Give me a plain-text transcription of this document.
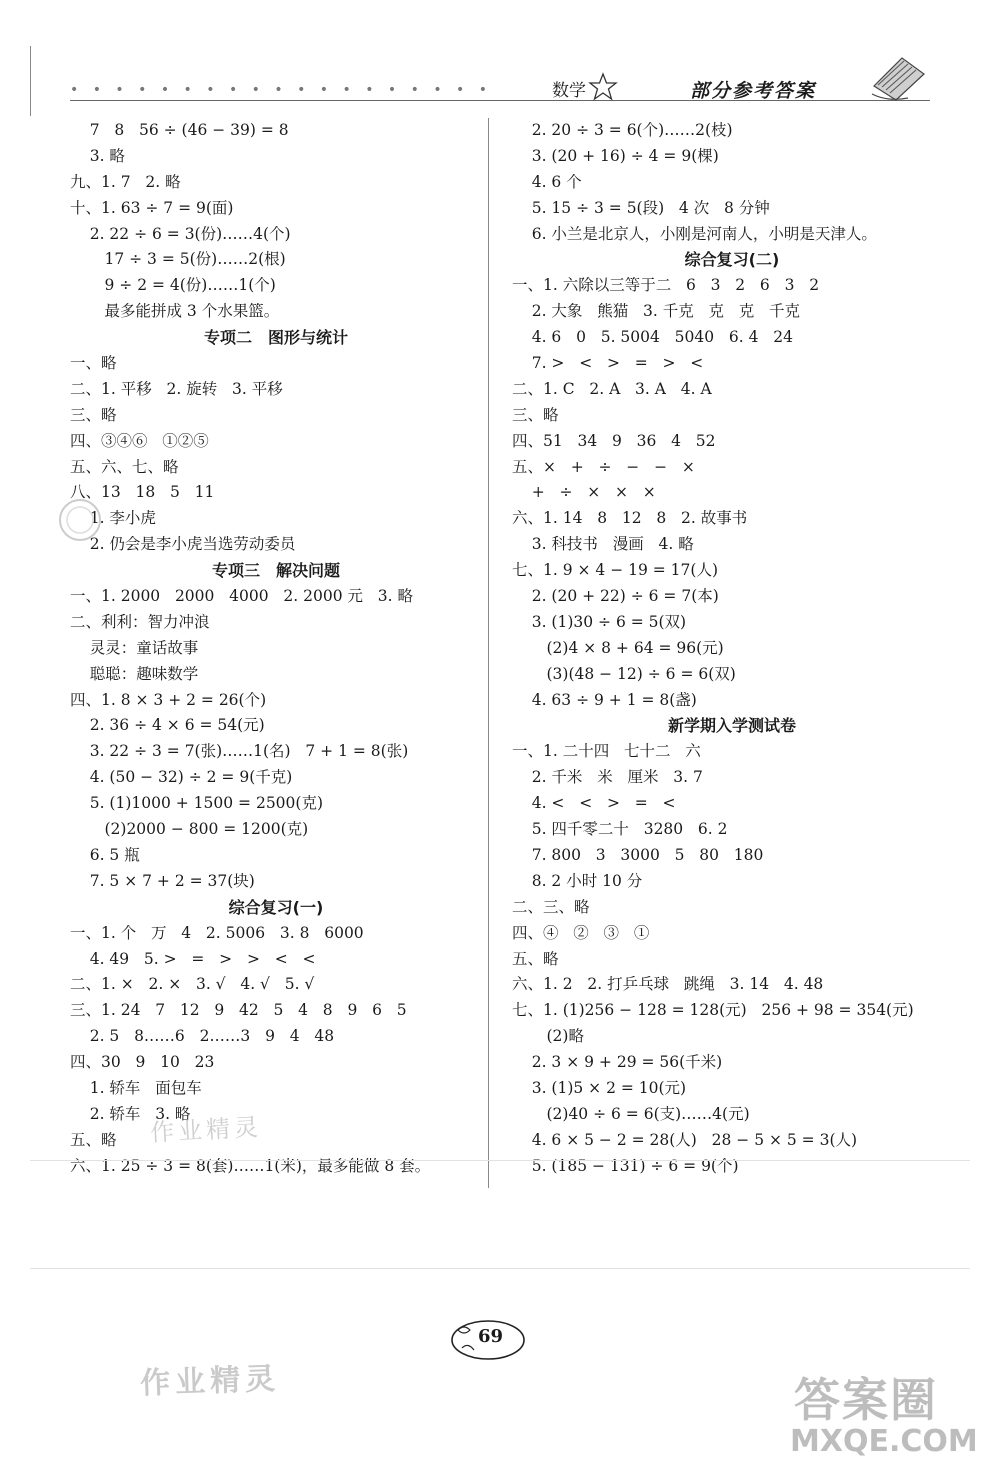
• • • • • • • • • • • • • • • • • • •	数学	部分参考答案
7   8   56 ÷ (46 − 39) = 8
3. 略
九、1. 7   2. 略
十、1. 63 ÷ 7 = 9(面)
2. 22 ÷ 6 = 3(份)……4(个)
17 ÷ 3 = 5(份)……2(根)
9 ÷ 2 = 4(份)……1(个)
最多能拼成 3 个水果篮。
专项二　图形与统计
一、略
二、1. 平移   2. 旋转   3. 平移
三、略
四、③④⑥   ①②⑤
五、六、七、略
八、13   18   5   11
1. 李小虎
2. 仍会是李小虎当选劳动委员
专项三　解决问题
一、1. 2000   2000   4000   2. 2000 元   3. 略
二、利利：智力冲浪
灵灵：童话故事
聪聪：趣味数学
四、1. 8 × 3 + 2 = 26(个)
2. 36 ÷ 4 × 6 = 54(元)
3. 22 ÷ 3 = 7(张)……1(名)   7 + 1 = 8(张)
4. (50 − 32) ÷ 2 = 9(千克)
5. (1)1000 + 1500 = 2500(克)
(2)2000 − 800 = 1200(克)
6. 5 瓶
7. 5 × 7 + 2 = 37(块)
综合复习(一)
一、1. 个   万   4   2. 5006   3. 8   6000
4. 49   5. >   =   >   >   <   <
二、1. ×   2. ×   3. √   4. √   5. √
三、1. 24   7   12   9   42   5   4   8   9   6   5
2. 5   8……6   2……3   9   4   48
四、30   9   10   23
1. 轿车   面包车
2. 轿车   3. 略
五、略
六、1. 25 ÷ 3 = 8(套)……1(米)，最多能做 8 套。
2. 20 ÷ 3 = 6(个)……2(枝)
3. (20 + 16) ÷ 4 = 9(棵)
4. 6 个
5. 15 ÷ 3 = 5(段)   4 次   8 分钟
6. 小兰是北京人，小刚是河南人，小明是天津人。
综合复习(二)
一、1. 六除以三等于二   6   3   2   6   3   2
2. 大象   熊猫   3. 千克   克   克   千克
4. 6   0   5. 5004   5040   6. 4   24
7. >   <   >   =   >   <
二、1. C   2. A   3. A   4. A
三、略
四、51   34   9   36   4   52
五、×   +   ÷   −   −   ×
+   ÷   ×   ×   ×
六、1. 14   8   12   8   2. 故事书
3. 科技书   漫画   4. 略
七、1. 9 × 4 − 19 = 17(人)
2. (20 + 22) ÷ 6 = 7(本)
3. (1)30 ÷ 6 = 5(双)
(2)4 × 8 + 64 = 96(元)
(3)(48 − 12) ÷ 6 = 6(双)
4. 63 ÷ 9 + 1 = 8(盏)
新学期入学测试卷
一、1. 二十四   七十二   六
2. 千米   米   厘米   3. 7
4. <   <   >   =   <
5. 四千零二十   3280   6. 2
7. 800   3   3000   5   80   180
8. 2 小时 10 分
二、三、略
四、④   ②   ③   ①
五、略
六、1. 2   2. 打乒乓球   跳绳   3. 14   4. 48
七、1. (1)256 − 128 = 128(元)   256 + 98 = 354(元)
(2)略
2. 3 × 9 + 29 = 56(千米)
3. (1)5 × 2 = 10(元)
(2)40 ÷ 6 = 6(支)……4(元)
4. 6 × 5 − 2 = 28(人)   28 − 5 × 5 = 3(人)
5. (185 − 131) ÷ 6 = 9(个)
作业精灵
作业精灵
69
答案圈
MXQE.COM
